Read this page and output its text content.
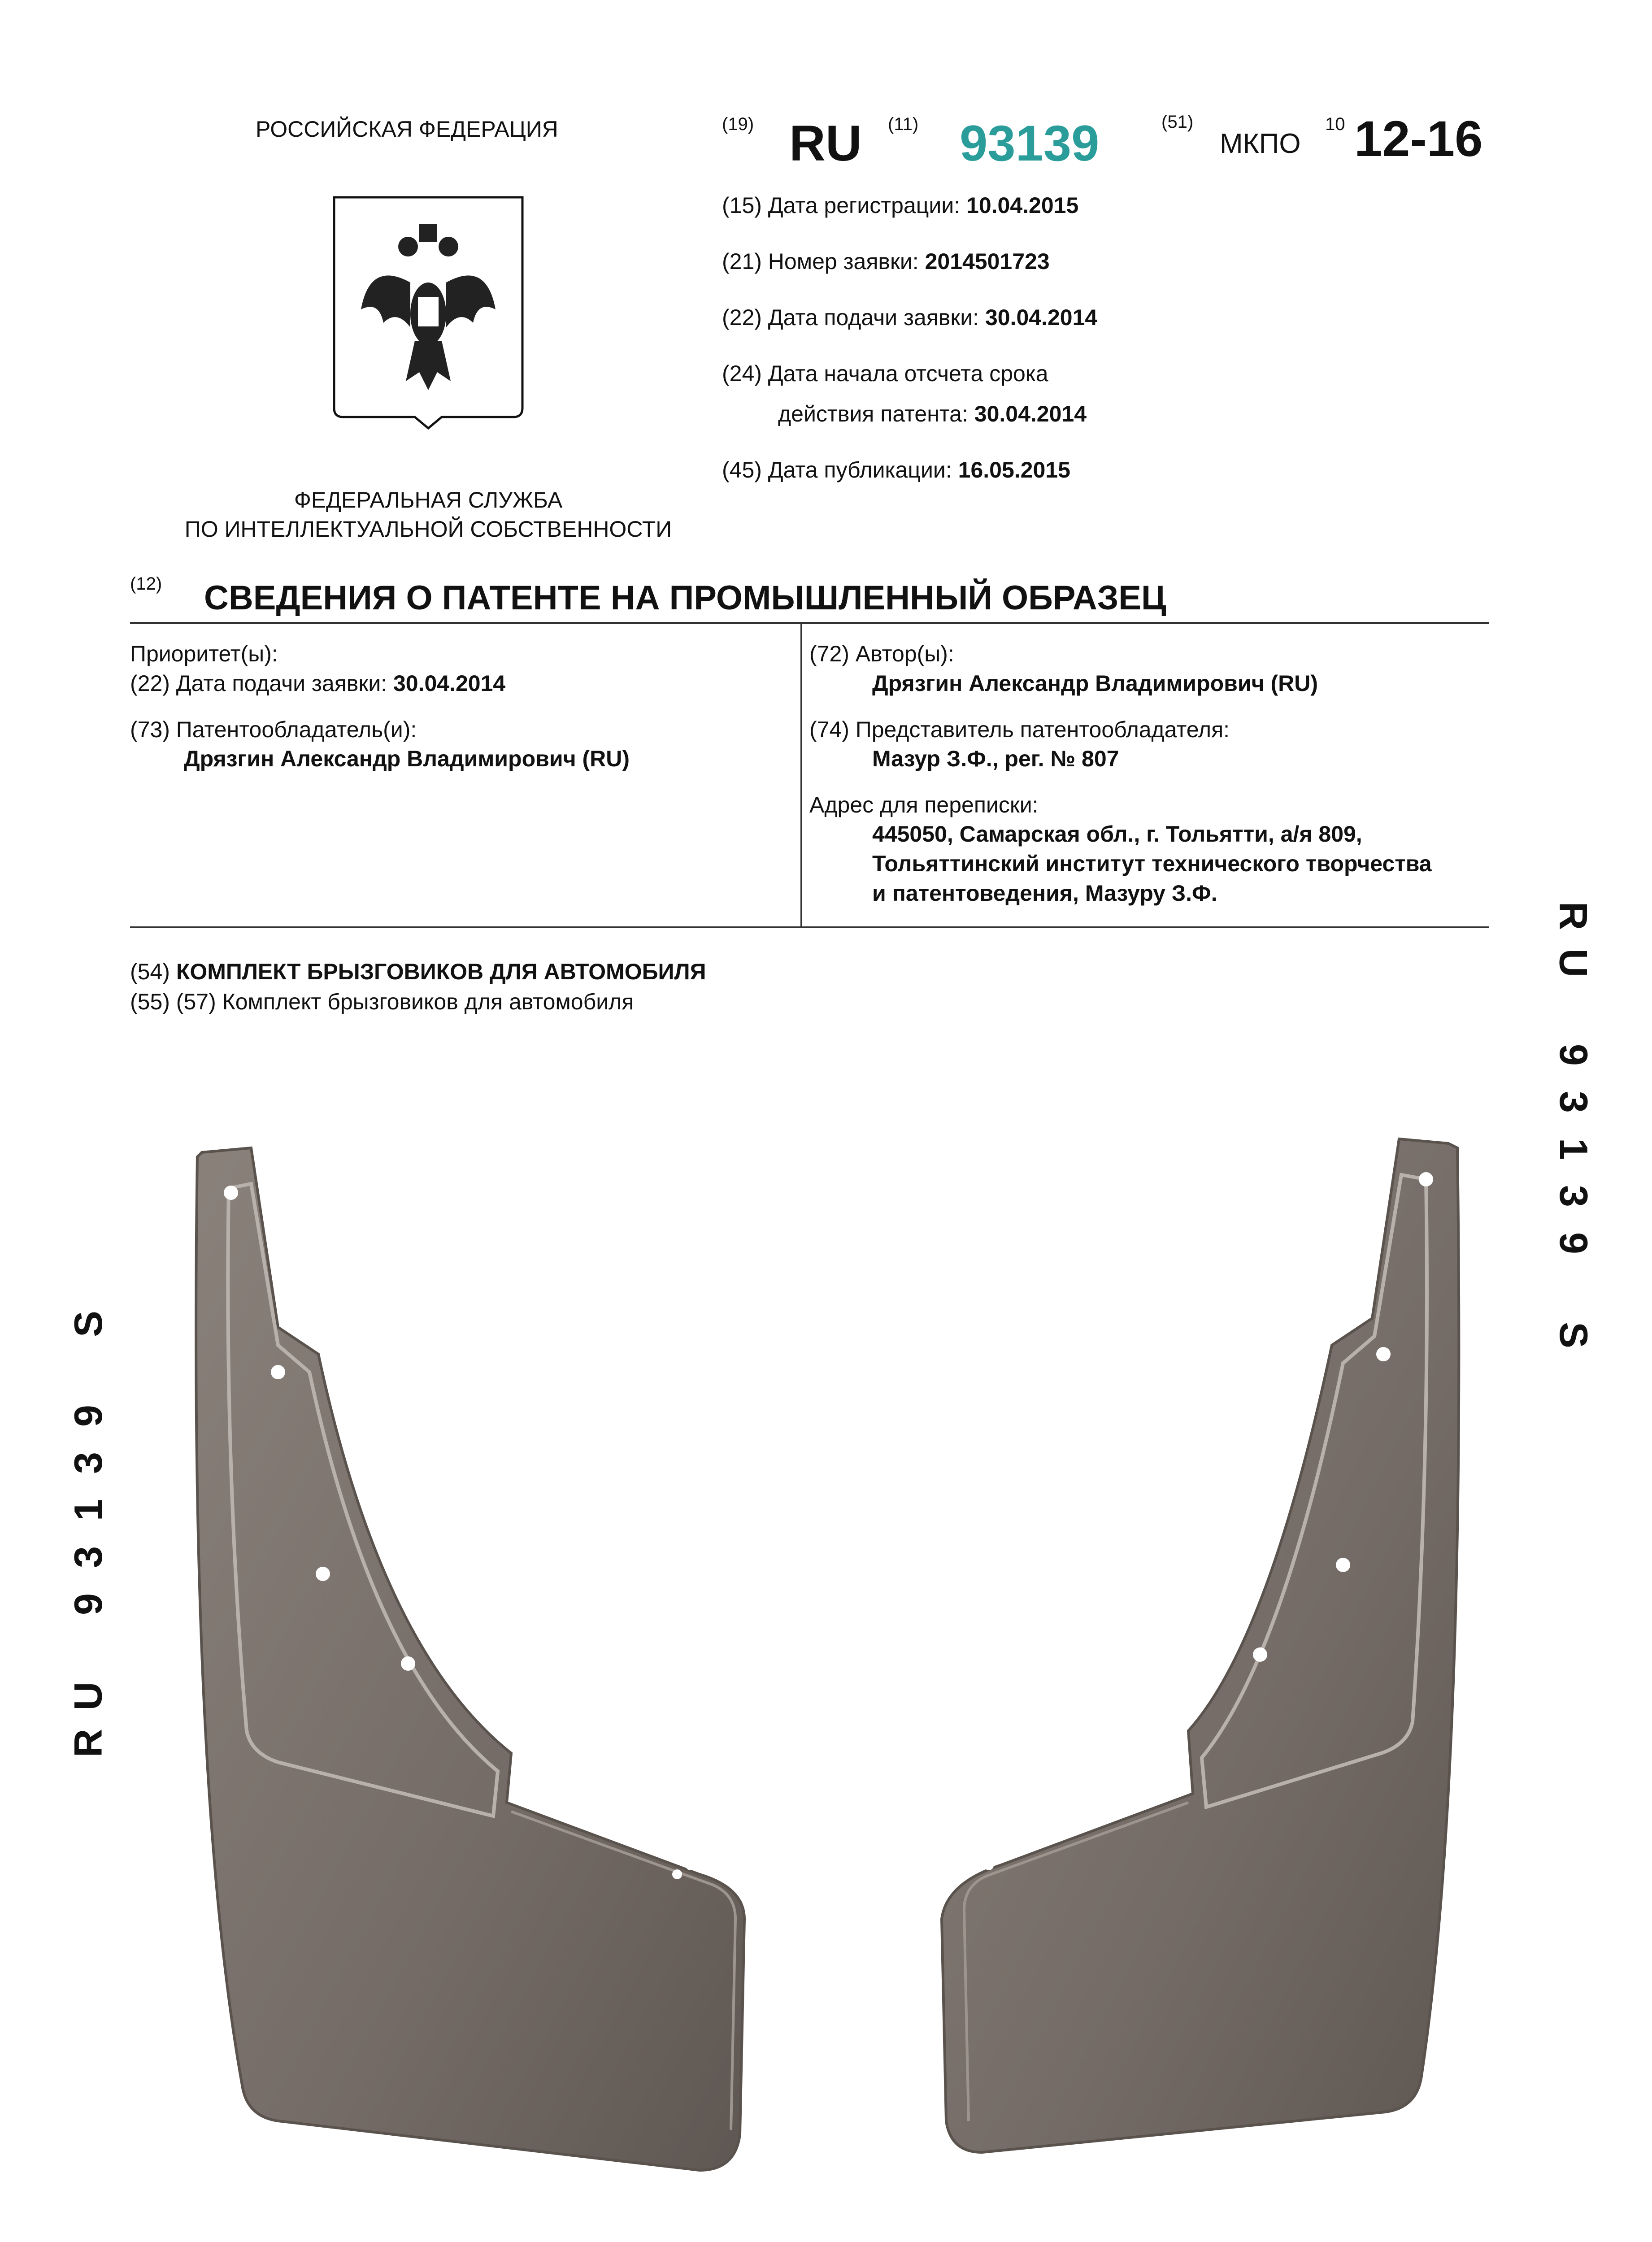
РОССИЙСКАЯ ФЕДЕРАЦИЯ
ФЕДЕРАЛЬНАЯ СЛУЖБА
ПО ИНТЕЛЛЕКТУАЛЬНОЙ СОБСТВЕННОСТИ
(19) RU (11) 93139	(51)
МКПО
10 12-16
(15) Дата регистрации: 10.04.2015
(21) Номер заявки: 2014501723
(22) Дата подачи заявки: 30.04.2014
(24) Дата начала отсчета срока
действия патента: 30.04.2014
(45) Дата публикации: 16.05.2015
(12) СВЕДЕНИЯ О ПАТЕНТЕ НА ПРОМЫШЛЕННЫЙ ОБРАЗЕЦ
Приоритет(ы):
(22) Дата подачи заявки: 30.04.2014
(73) Патентообладатель(и):
Дрязгин Александр Владимирович (RU)
(72) Автор(ы):
Дрязгин Александр Владимирович (RU)
(74) Представитель патентообладателя:
Мазур З.Ф., рег. № 807
Адрес для переписки:
445050, Самарская обл., г. Тольятти, а/я 809,
Тольяттинский институт технического творчества
и патентоведения, Мазуру З.Ф.
(54) КОМПЛЕКТ БРЫЗГОВИКОВ ДЛЯ АВТОМОБИЛЯ
(55) (57) Комплект брызговиков для автомобиля
R
U
9
3
1
3
9
S
R
U
9
3
1
3
9
S
